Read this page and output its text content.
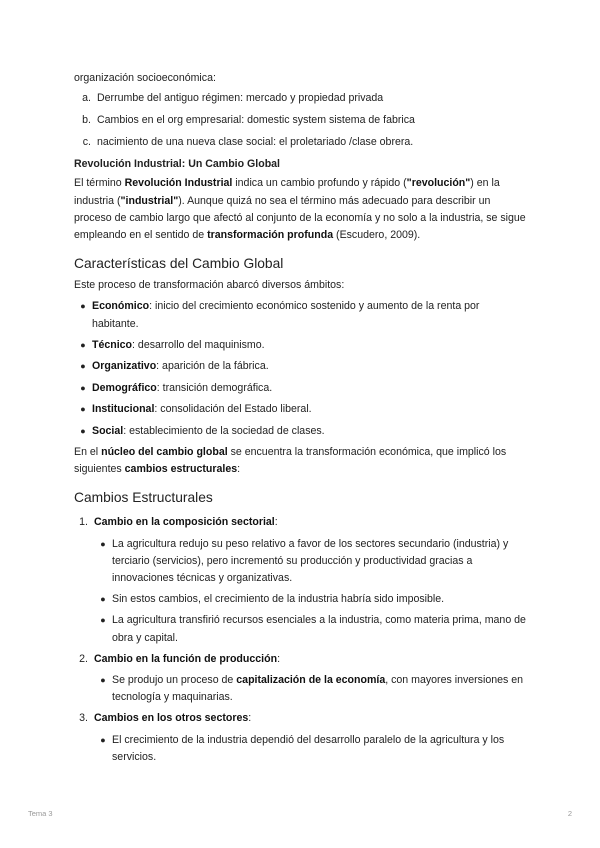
organización socioeconómica:

a. Derrumbe del antiguo régimen: mercado y propiedad privada
b. Cambios en el org empresarial: domestic system sistema de fabrica
c. nacimiento de una nueva clase social: el proletariado /clase obrera.
Revolución Industrial: Un Cambio Global

El término Revolución Industrial indica un cambio profundo y rápido ("revolución") en la industria ("industrial"). Aunque quizá no sea el término más adecuado para describir un proceso de cambio largo que afectó al conjunto de la economía y no solo a la industria, se sigue empleando en el sentido de transformación profunda (Escudero, 2009).

Características del Cambio Global

Este proceso de transformación abarcó diversos ámbitos:

● Económico: inicio del crecimiento económico sostenido y aumento de la renta por habitante.
● Técnico: desarrollo del maquinismo.
● Organizativo: aparición de la fábrica.
● Demográfico: transición demográfica.
● Institucional: consolidación del Estado liberal.
● Social: establecimiento de la sociedad de clases.

En el núcleo del cambio global se encuentra la transformación económica, que implicó los siguientes cambios estructurales:

Cambios Estructurales
1. Cambio en la composición sectorial:
● La agricultura redujo su peso relativo a favor de los sectores secundario (industria) y terciario (servicios), pero incrementó su producción y productividad gracias a innovaciones técnicas y organizativas.
● Sin estos cambios, el crecimiento de la industria habría sido imposible.
● La agricultura transfirió recursos esenciales a la industria, como materia prima, mano de obra y capital.
2. Cambio en la función de producción:
● Se produjo un proceso de capitalización de la economía, con mayores inversiones en tecnología y maquinarias.
3. Cambios en los otros sectores:
● El crecimiento de la industria dependió del desarrollo paralelo de la agricultura y los servicios.
Tema 3	2
